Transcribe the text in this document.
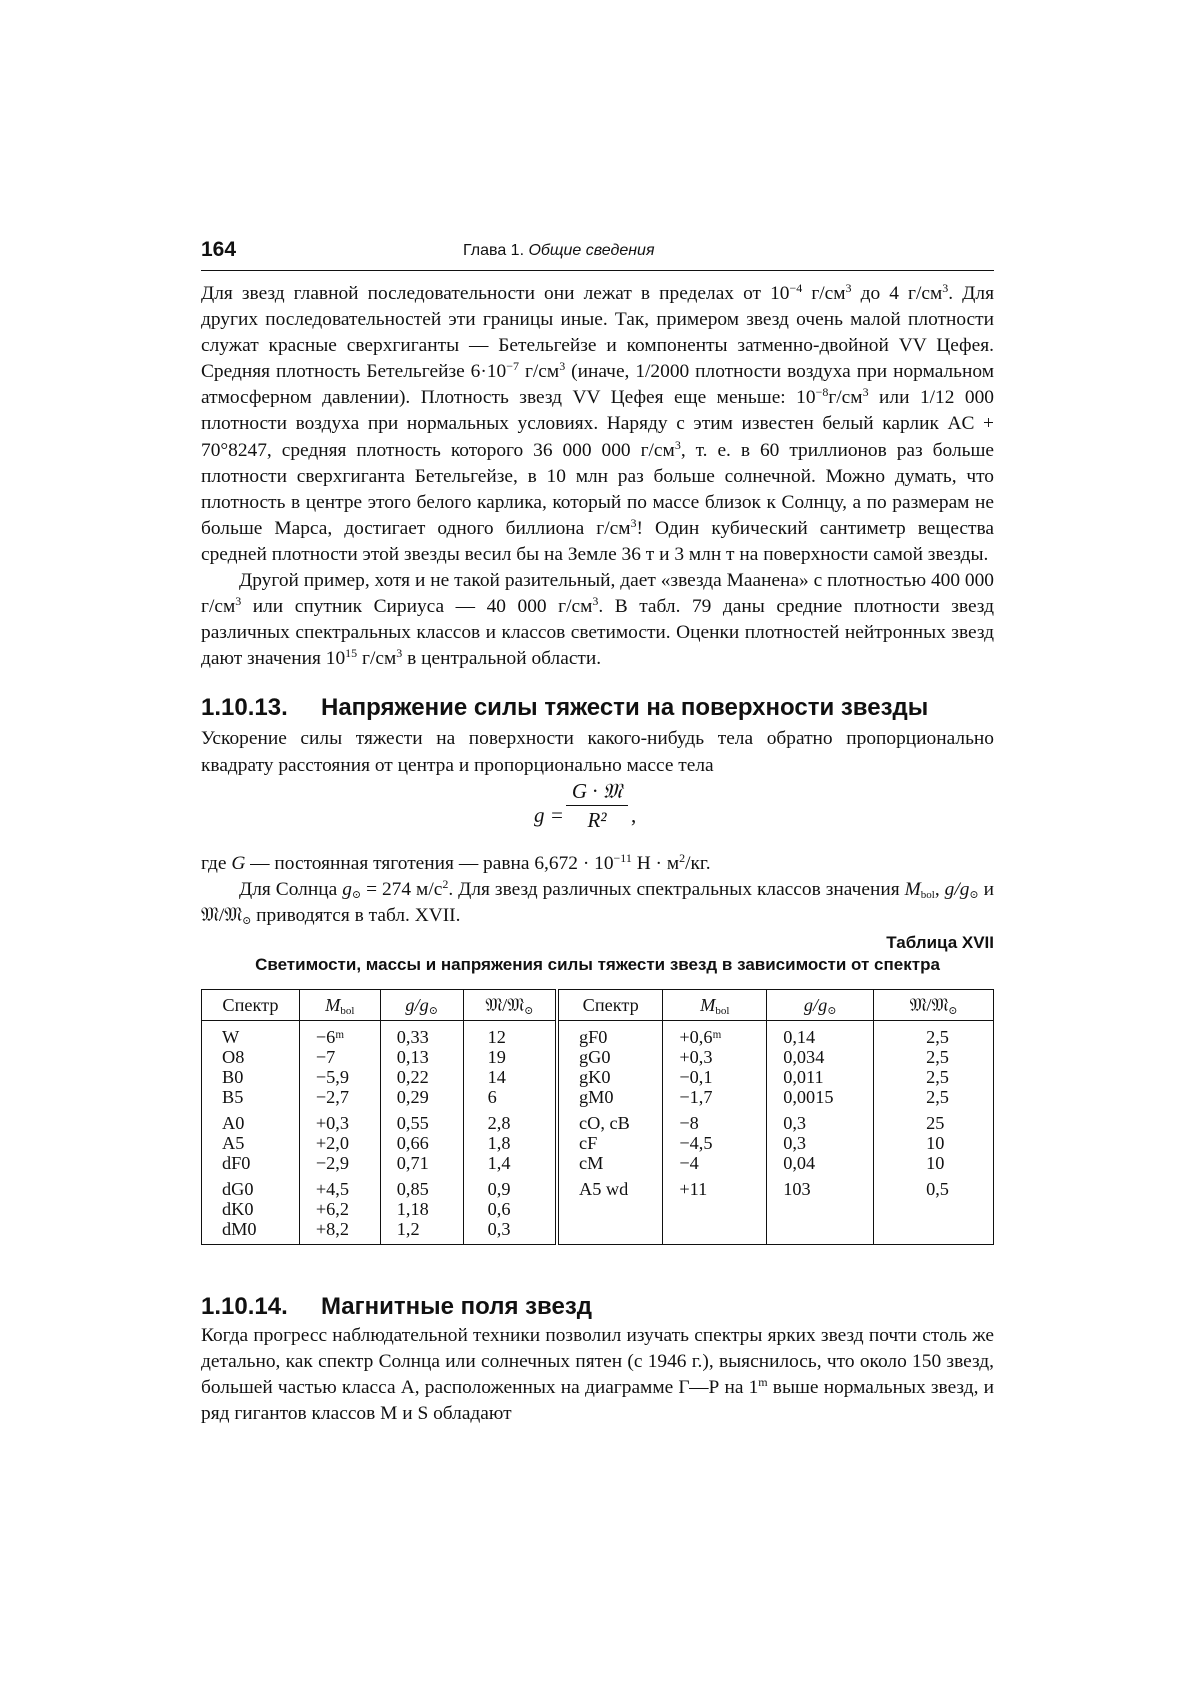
164	Глава 1. Общие сведения

Для звезд главной последовательности они лежат в пределах от $10^{-4}$ $г/см^3$ до 4 $г/см^3$. Для других последовательностей эти границы иные. Так, примером звезд очень малой плотности служат красные сверхгиганты — Бетельгейзе и компоненты затменно-двойной VV Цефея. Средняя плотность Бетельгейзе $6\cdot 10^{-7}$ $г/см^3$ (иначе, 1/2000 плотности воздуха при нормальном атмосферном давлении). Плотность звезд VV Цефея еще меньше: $10^{-8}г/см^3$ или 1/12 000 плотности воздуха при нормальных условиях. Наряду с этим известен белый карлик AC + 70°8247, средняя плотность которого 36 000 000 $г/см^3$, т. е. в 60 триллионов раз больше плотности сверхгиганта Бетельгейзе, в 10 млн раз больше солнечной. Можно думать, что плотность в центре этого белого карлика, который по массе близок к Солнцу, а по размерам не больше Марса, достигает одного биллиона $г/см^3$! Один кубический сантиметр вещества средней плотности этой звезды весил бы на Земле 36 т и 3 млн т на поверхности самой звезды.

Другой пример, хотя и не такой разительный, дает «звезда Маанена» с плотностью 400 000 $г/см^3$ или спутник Сириуса — 40 000 $г/см^3$. В табл. 79 даны средние плотности звезд различных спектральных классов и классов светимости. Оценки плотностей нейтронных звезд дают значения $10^{15}$ $г/см^3$ в центральной области.

1.10.13. Напряжение силы тяжести на поверхности звезды

Ускорение силы тяжести на поверхности какого-нибудь тела обратно пропорционально квадрату расстояния от центра и пропорционально массе тела

g =
G · 𝔐
R²	,

где G — постоянная тяготения — равна $6,672 \cdot 10^{-11}$ $Н \cdot м^2/кг$.

Для Солнца $g_⊙ = 274$ $м/с^2$. Для звезд различных спектральных классов значения $M_{bol}$, $g/g_⊙$ и 𝔐/𝔐$_⊙$ приводятся в табл. XVII.

Таблица XVII
Светимости, массы и напряжения силы тяжести звезд в зависимости от спектра
Спектр	$M_{bol}$	$g/g_⊙$	𝔐/𝔐$_⊙$	Спектр	$M_{bol}$	$g/g_⊙$	𝔐/𝔐$_⊙$
W	−6ᵐ	0,33	12	gF0	+0,6ᵐ	0,14	2,5
O8	−7	0,13	19	gG0	+0,3	0,034	2,5
B0	−5,9	0,22	14	gK0	−0,1	0,011	2,5
B5	−2,7	0,29	6	gM0	−1,7	0,0015	2,5
A0	+0,3	0,55	2,8	cO, cB	−8	0,3	25
A5	+2,0	0,66	1,8	cF	−4,5	0,3	10
dF0	−2,9	0,71	1,4	cM	−4	0,04	10
dG0	+4,5	0,85	0,9	A5 wd	+11	103	0,5
dK0	+6,2	1,18	0,6				
dM0	+8,2	1,2	0,3				
1.10.14. Магнитные поля звезд

Когда прогресс наблюдательной техники позволил изучать спектры ярких звезд почти столь же детально, как спектр Солнца или солнечных пятен (с 1946 г.), выяснилось, что около 150 звезд, большей частью класса А, расположенных на диаграмме Г—Р на 1$^m$ выше нормальных звезд, и ряд гигантов классов M и S обладают
